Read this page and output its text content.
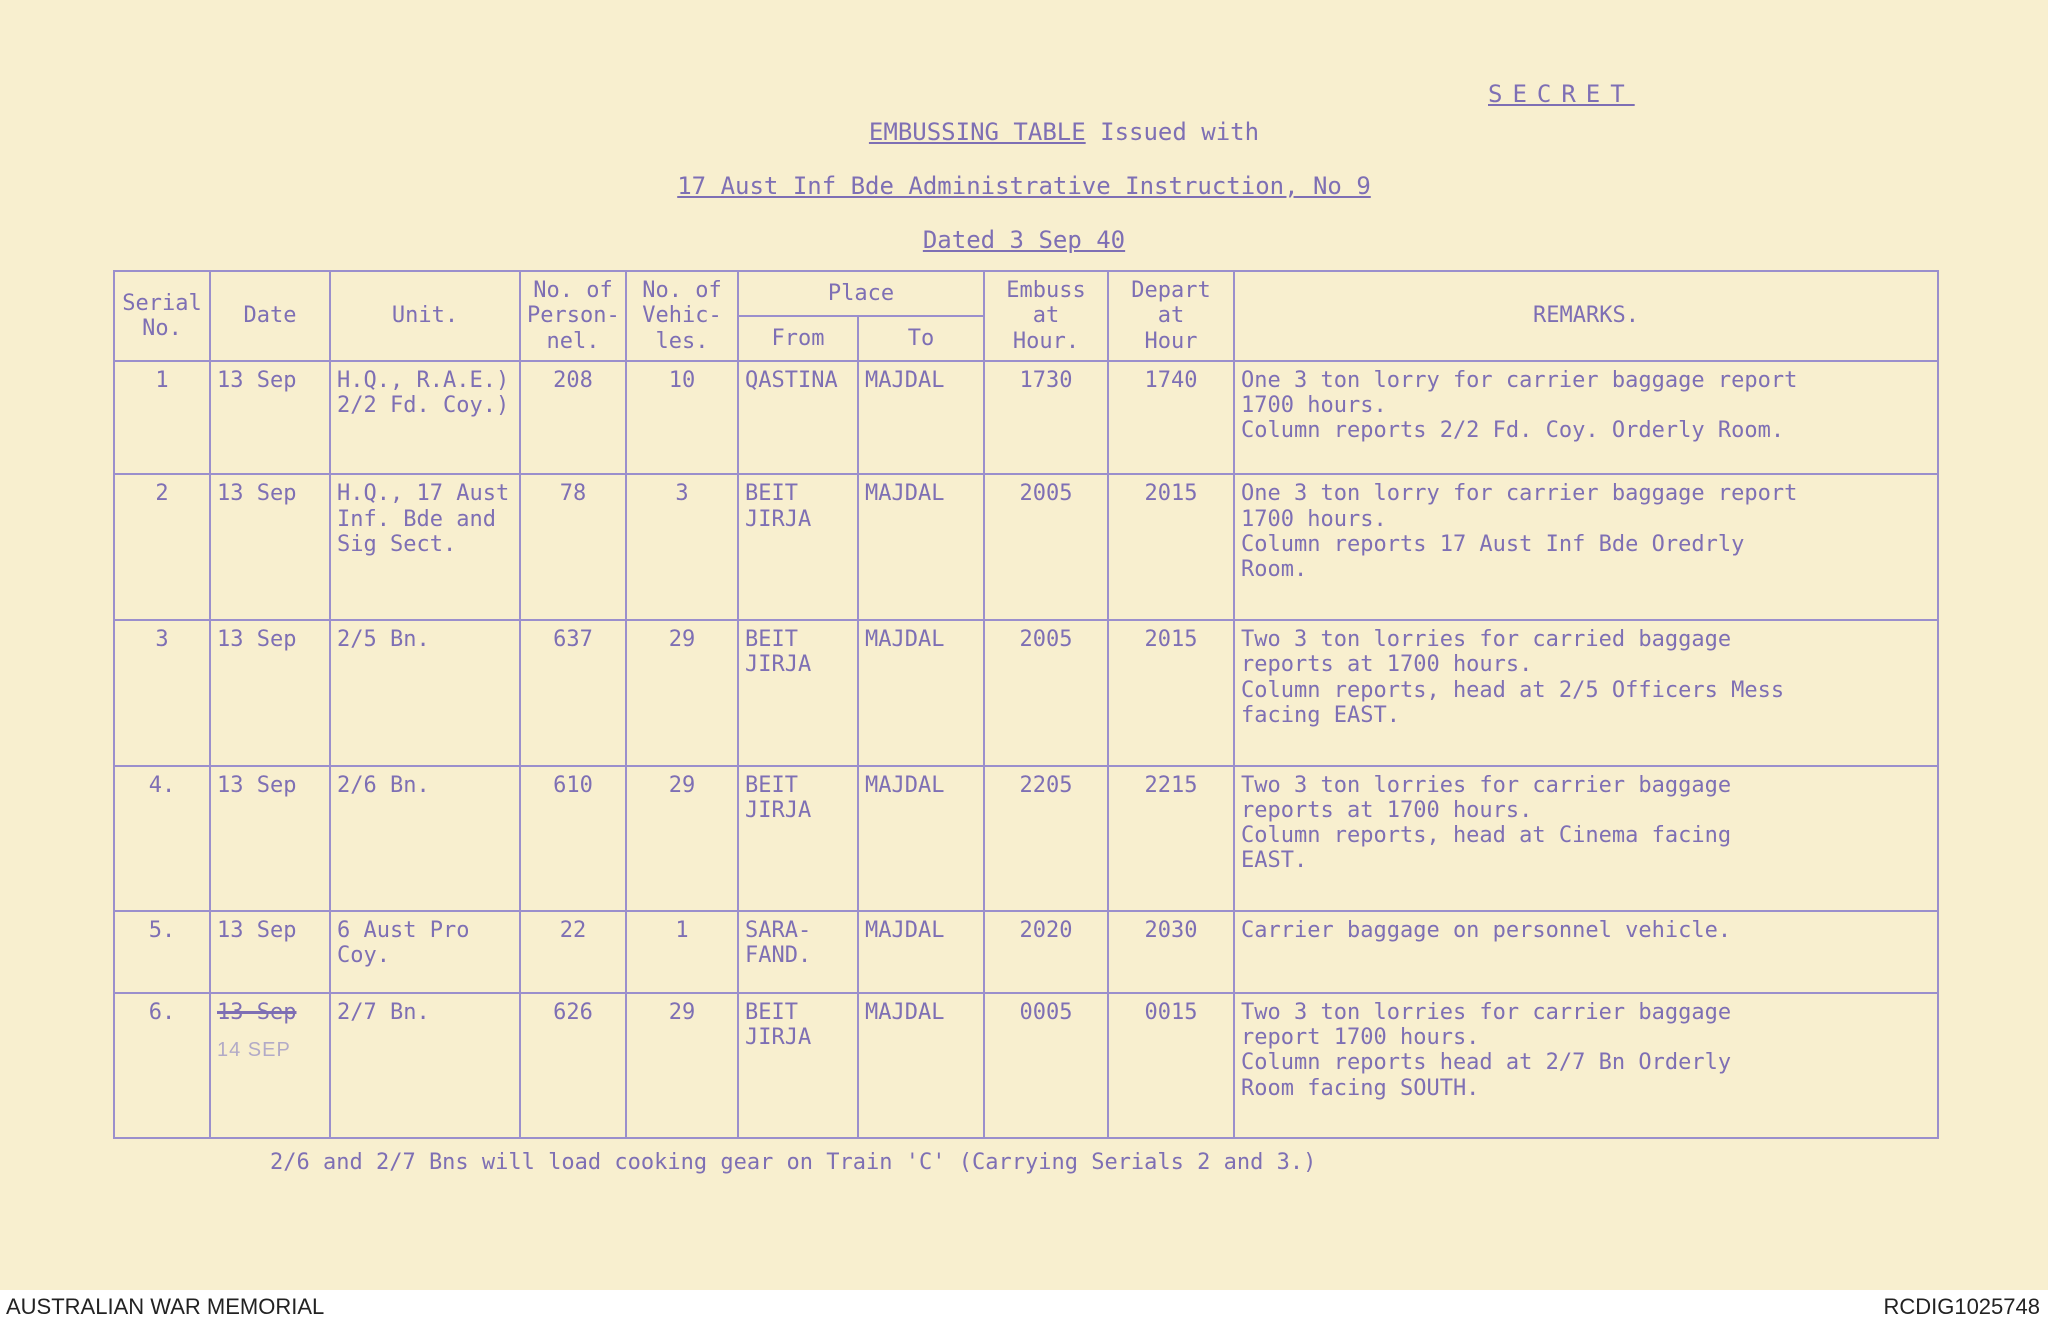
SECRET
EMBUSSING TABLE Issued with
17 Aust Inf Bde Administrative Instruction, No 9
Dated 3 Sep 40
Serial
No.	Date	Unit.	No. of
Person-
nel.	No. of
Vehic-
les.	Place		Embuss
at
Hour.	Depart
at
Hour	REMARKS.
					From	To			
1	13 Sep	H.Q., R.A.E.)
2/2 Fd. Coy.)	208	10	QASTINA	MAJDAL	1730	1740	One 3 ton lorry for carrier baggage report
1700 hours.
Column reports 2/2 Fd. Coy. Orderly Room.
2	13 Sep	H.Q., 17 Aust
Inf. Bde and
Sig Sect.	78	3	BEIT
JIRJA	MAJDAL	2005	2015	One 3 ton lorry for carrier baggage report
1700 hours.
Column reports 17 Aust Inf Bde Oredrly
Room.
3	13 Sep	2/5 Bn.	637	29	BEIT
JIRJA	MAJDAL	2005	2015	Two 3 ton lorries for carried baggage
reports at 1700 hours.
Column reports, head at 2/5 Officers Mess
facing EAST.
4.	13 Sep	2/6 Bn.	610	29	BEIT
JIRJA	MAJDAL	2205	2215	Two 3 ton lorries for carrier baggage
reports at 1700 hours.
Column reports, head at Cinema facing
EAST.
5.	13 Sep	6 Aust Pro
Coy.	22	1	SARA-
FAND.	MAJDAL	2020	2030	Carrier baggage on personnel vehicle.
6.	13 Sep
14 SEP	2/7 Bn.	626	29	BEIT
JIRJA	MAJDAL	0005	0015	Two 3 ton lorries for carrier baggage
report 1700 hours.
Column reports head at 2/7 Bn Orderly
Room facing SOUTH.
2/6 and 2/7 Bns will load cooking gear on Train 'C' (Carrying Serials 2 and 3.)
AUSTRALIAN WAR MEMORIAL	RCDIG1025748
